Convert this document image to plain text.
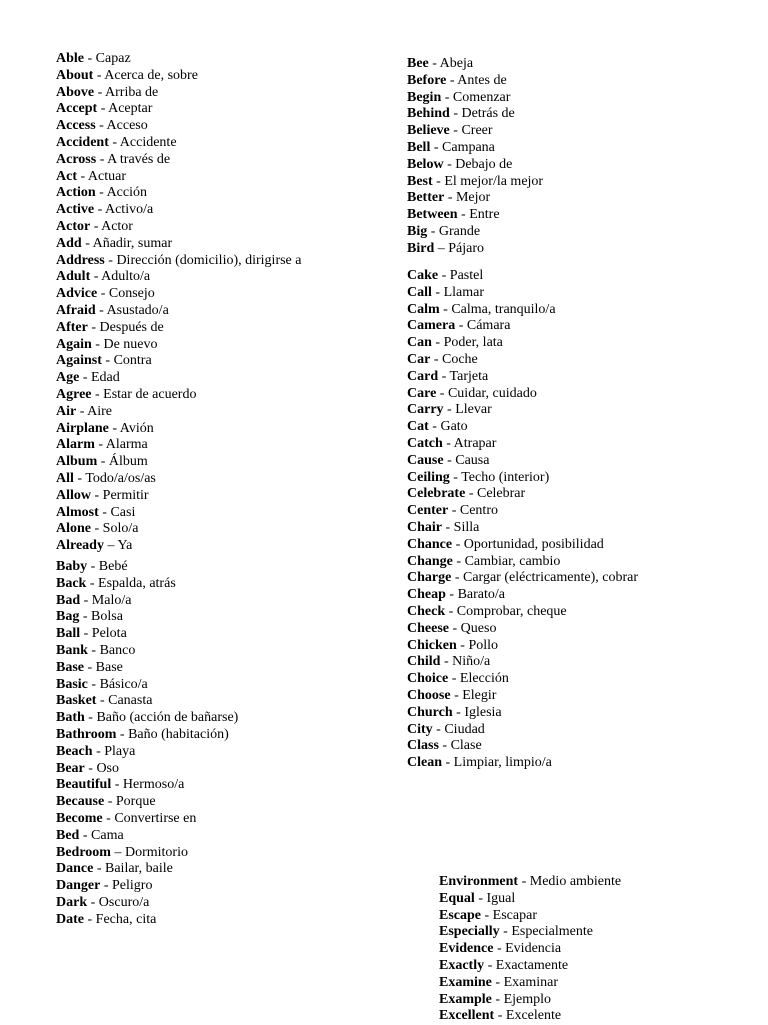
Able - Capaz
About - Acerca de, sobre
Above - Arriba de
Accept - Aceptar
Access - Acceso
Accident - Accidente
Across - A través de
Act - Actuar
Action - Acción
Active - Activo/a
Actor - Actor
Add - Añadir, sumar
Address - Dirección (domicilio), dirigirse a
Adult - Adulto/a
Advice - Consejo
Afraid - Asustado/a
After - Después de
Again - De nuevo
Against - Contra
Age - Edad
Agree - Estar de acuerdo
Air - Aire
Airplane - Avión
Alarm - Alarma
Album - Álbum
All - Todo/a/os/as
Allow - Permitir
Almost - Casi
Alone - Solo/a
Already – Ya
Baby - Bebé
Back - Espalda, atrás
Bad - Malo/a
Bag - Bolsa
Ball - Pelota
Bank - Banco
Base - Base
Basic - Básico/a
Basket - Canasta
Bath - Baño (acción de bañarse)
Bathroom - Baño (habitación)
Beach - Playa
Bear - Oso
Beautiful - Hermoso/a
Because - Porque
Become - Convertirse en
Bed - Cama
Bedroom – Dormitorio
Dance - Bailar, baile
Danger - Peligro
Dark - Oscuro/a
Date - Fecha, cita
Bee - Abeja
Before - Antes de
Begin - Comenzar
Behind - Detrás de
Believe - Creer
Bell - Campana
Below - Debajo de
Best - El mejor/la mejor
Better - Mejor
Between - Entre
Big - Grande
Bird – Pájaro
Cake - Pastel
Call - Llamar
Calm - Calma, tranquilo/a
Camera - Cámara
Can - Poder, lata
Car - Coche
Card - Tarjeta
Care - Cuidar, cuidado
Carry - Llevar
Cat - Gato
Catch - Atrapar
Cause - Causa
Ceiling - Techo (interior)
Celebrate - Celebrar
Center - Centro
Chair - Silla
Chance - Oportunidad, posibilidad
Change - Cambiar, cambio
Charge - Cargar (eléctricamente), cobrar
Cheap - Barato/a
Check - Comprobar, cheque
Cheese - Queso
Chicken - Pollo
Child - Niño/a
Choice - Elección
Choose - Elegir
Church - Iglesia
City - Ciudad
Class - Clase
Clean - Limpiar, limpio/a
Environment - Medio ambiente
Equal - Igual
Escape - Escapar
Especially - Especialmente
Evidence - Evidencia
Exactly - Exactamente
Examine - Examinar
Example - Ejemplo
Excellent - Excelente
